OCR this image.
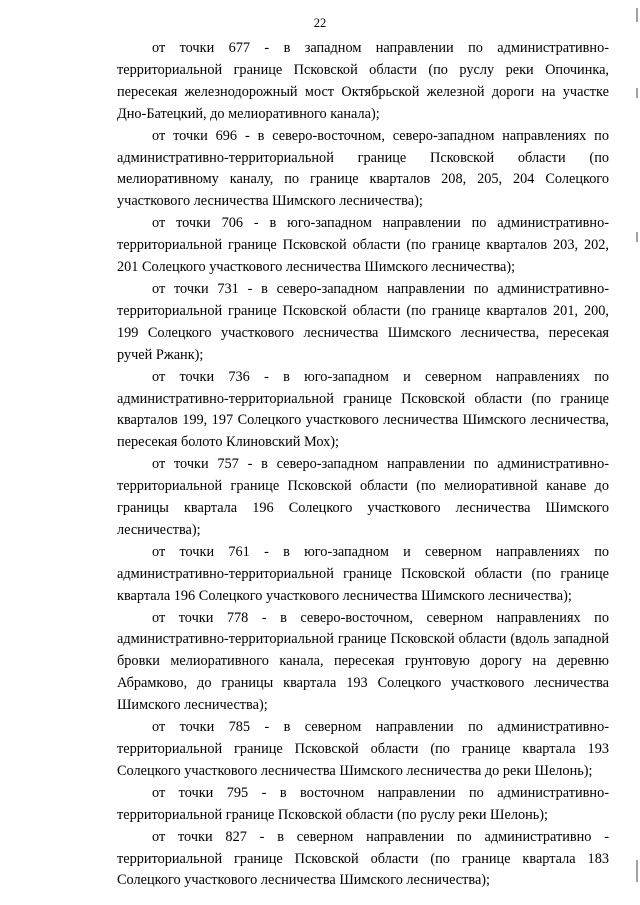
22

от точки 677 - в западном направлении по административно-территориальной границе Псковской области (по руслу реки Опочинка, пересекая железнодорожный мост Октябрьской железной дороги на участке Дно-Батецкий, до мелиоративного канала);

от точки 696 - в северо-восточном, северо-западном направлениях по административно-территориальной границе Псковской области (по мелиоративному каналу, по границе кварталов 208, 205, 204 Солецкого участкового лесничества Шимского лесничества);

от точки 706 - в юго-западном направлении по административно-территориальной границе Псковской области (по границе кварталов 203, 202, 201 Солецкого участкового лесничества Шимского лесничества);

от точки 731 - в северо-западном направлении по административно-территориальной границе Псковской области (по границе кварталов 201, 200, 199 Солецкого участкового лесничества Шимского лесничества, пересекая ручей Ржанк);

от точки 736 - в юго-западном и северном направлениях по административно-территориальной границе Псковской области (по границе кварталов 199, 197 Солецкого участкового лесничества Шимского лесничества, пересекая болото Клиновский Мох);

от точки 757 - в северо-западном направлении по административно-территориальной границе Псковской области (по мелиоративной канаве до границы квартала 196 Солецкого участкового лесничества Шимского лесничества);

от точки 761 - в юго-западном и северном направлениях по административно-территориальной границе Псковской области (по границе квартала 196 Солецкого участкового лесничества Шимского лесничества);

от точки 778 - в северо-восточном, северном направлениях по административно-территориальной границе Псковской области (вдоль западной бровки мелиоративного канала, пересекая грунтовую дорогу на деревню Абрамково, до границы квартала 193 Солецкого участкового лесничества Шимского лесничества);

от точки 785 - в северном направлении по административно-территориальной границе Псковской области (по границе квартала 193 Солецкого участкового лесничества Шимского лесничества до реки Шелонь);

от точки 795 - в восточном направлении по административно-территориальной границе Псковской области (по руслу реки Шелонь);

от точки 827 - в северном направлении по административно - территориальной границе Псковской области (по границе квартала 183 Солецкого участкового лесничества Шимского лесничества);
